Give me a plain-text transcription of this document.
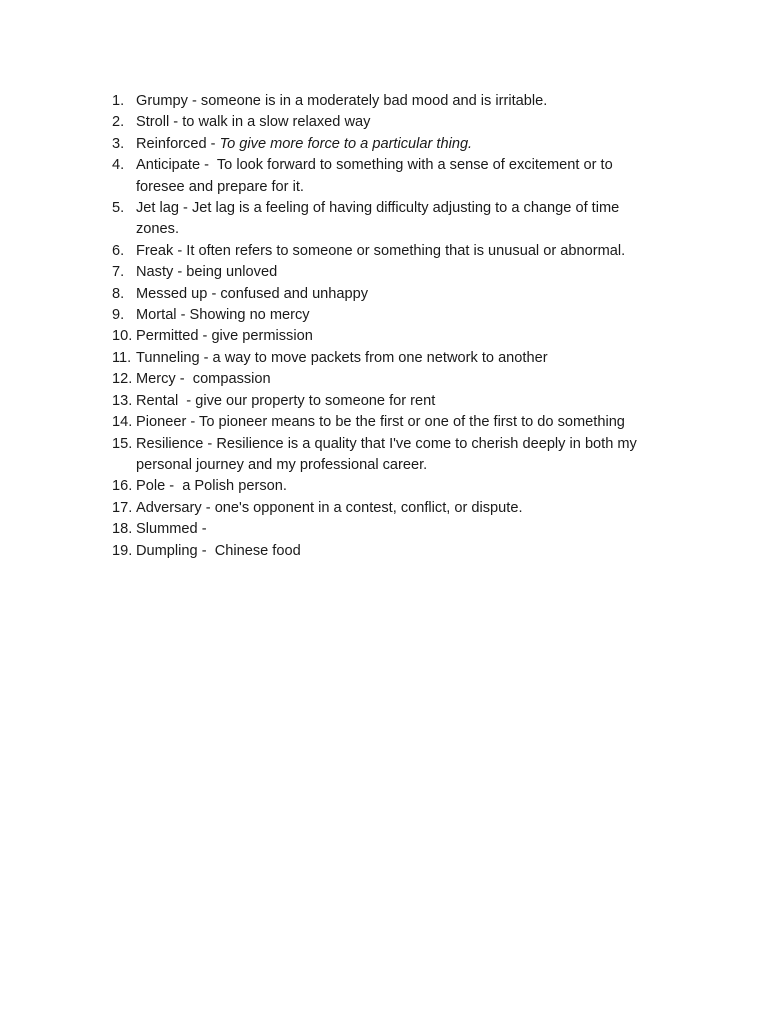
1. Grumpy - someone is in a moderately bad mood and is irritable.
2. Stroll - to walk in a slow relaxed way
3. Reinforced - To give more force to a particular thing.
4. Anticipate -  To look forward to something with a sense of excitement or to foresee and prepare for it.
5. Jet lag - Jet lag is a feeling of having difficulty adjusting to a change of time zones.
6. Freak - It often refers to someone or something that is unusual or abnormal.
7. Nasty - being unloved
8. Messed up - confused and unhappy
9. Mortal - Showing no mercy
10. Permitted - give permission
11. Tunneling - a way to move packets from one network to another
12. Mercy -  compassion
13. Rental  - give our property to someone for rent
14. Pioneer - To pioneer means to be the first or one of the first to do something
15. Resilience - Resilience is a quality that I've come to cherish deeply in both my personal journey and my professional career.
16. Pole -  a Polish person.
17. Adversary - one's opponent in a contest, conflict, or dispute.
18. Slummed -
19. Dumpling -  Chinese food
